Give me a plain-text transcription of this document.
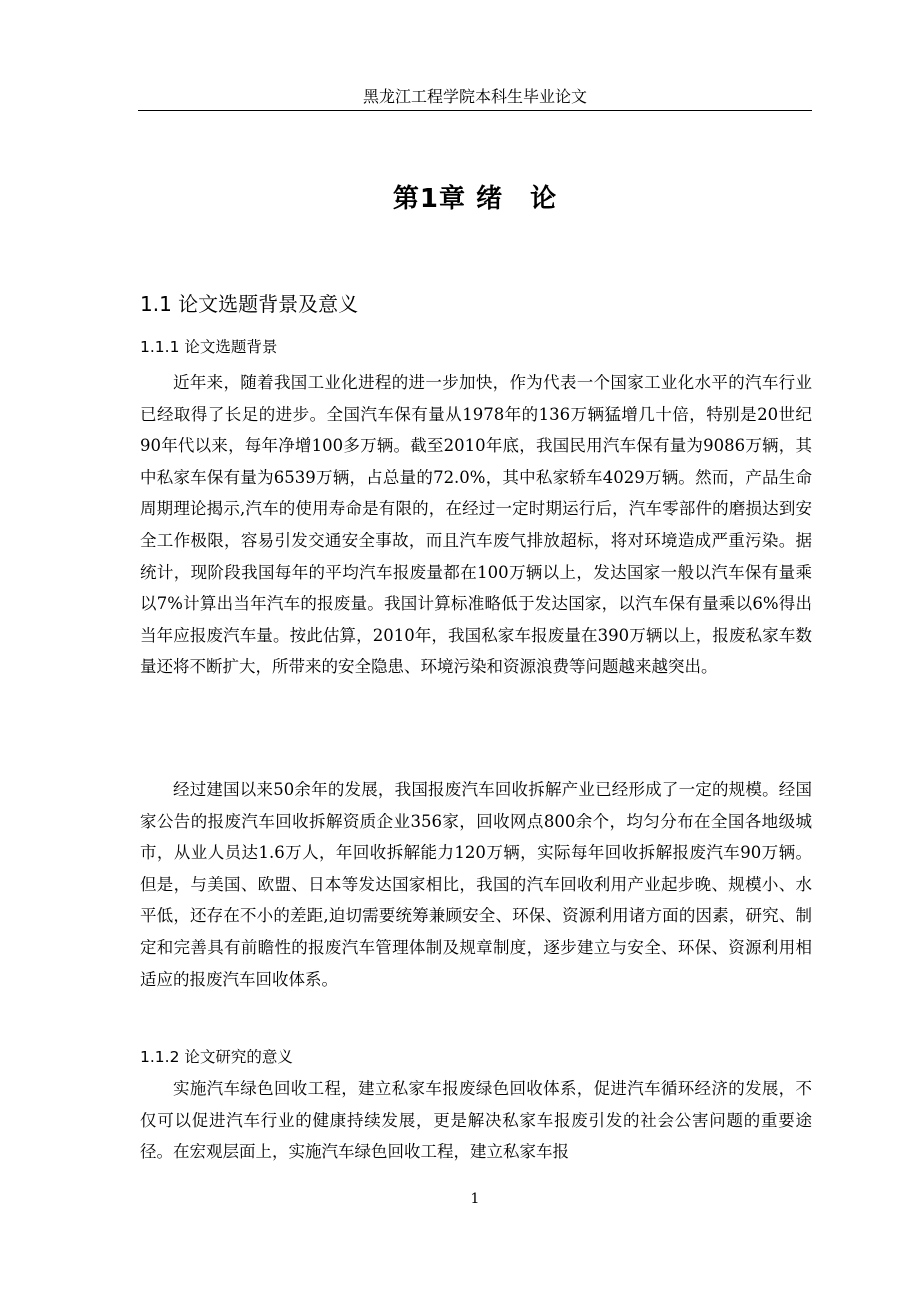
黑龙江工程学院本科生毕业论文
第1章 绪　论
1.1 论文选题背景及意义
1.1.1 论文选题背景

近年来，随着我国工业化进程的进一步加快，作为代表一个国家工业化水平的汽车行业已经取得了长足的进步。全国汽车保有量从1978年的136万辆猛增几十倍，特别是20世纪90年代以来，每年净增100多万辆。截至2010年底，我国民用汽车保有量为9086万辆，其中私家车保有量为6539万辆，占总量的72.0%，其中私家轿车4029万辆。然而，产品生命周期理论揭示,汽车的使用寿命是有限的，在经过一定时期运行后，汽车零部件的磨损达到安全工作极限，容易引发交通安全事故，而且汽车废气排放超标，将对环境造成严重污染。据统计，现阶段我国每年的平均汽车报废量都在100万辆以上，发达国家一般以汽车保有量乘以7%计算出当年汽车的报废量。我国计算标准略低于发达国家，以汽车保有量乘以6%得出当年应报废汽车量。按此估算，2010年，我国私家车报废量在390万辆以上，报废私家车数量还将不断扩大，所带来的安全隐患、环境污染和资源浪费等问题越来越突出。

经过建国以来50余年的发展，我国报废汽车回收拆解产业已经形成了一定的规模。经国家公告的报废汽车回收拆解资质企业356家，回收网点800余个，均匀分布在全国各地级城市，从业人员达1.6万人，年回收拆解能力120万辆，实际每年回收拆解报废汽车90万辆。但是，与美国、欧盟、日本等发达国家相比，我国的汽车回收利用产业起步晚、规模小、水平低，还存在不小的差距,迫切需要统筹兼顾安全、环保、资源利用诸方面的因素，研究、制定和完善具有前瞻性的报废汽车管理体制及规章制度，逐步建立与安全、环保、资源利用相适应的报废汽车回收体系。

1.1.2 论文研究的意义

实施汽车绿色回收工程，建立私家车报废绿色回收体系，促进汽车循环经济的发展，不仅可以促进汽车行业的健康持续发展，更是解决私家车报废引发的社会公害问题的重要途径。在宏观层面上，实施汽车绿色回收工程，建立私家车报

1
